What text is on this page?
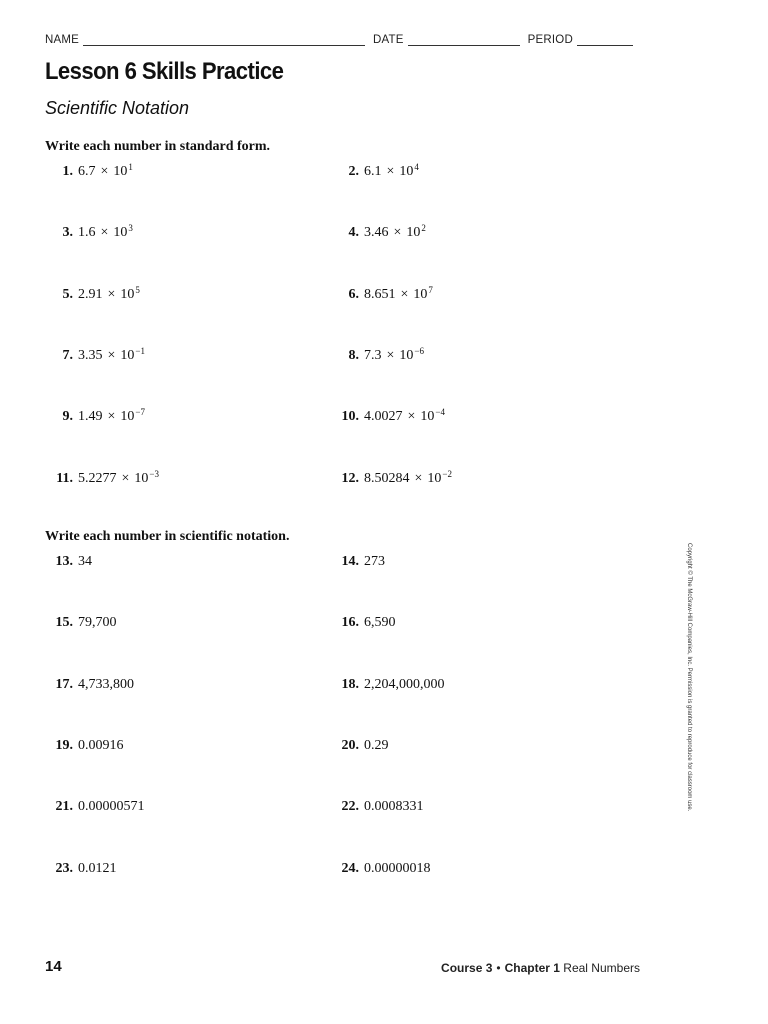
NAME	DATE	PERIOD
Lesson 6 Skills Practice
Scientific Notation
Write each number in standard form.
1 . 6.7 × 10 1	2 . 6.1 × 10 4
3 . 1.6 × 10 3	4 . 3.46 × 10 2
5 . 2.91 × 10 5	6 . 8.651 × 10 7
7 . 3.35 × 10 −1	8 . 7.3 × 10 −6
9 . 1.49 × 10 −7	10 . 4.0027 × 10 −4
11 . 5.2277 × 10 −3	12 . 8.50284 × 10 −2
Write each number in scientific notation.
13 . 34	14 . 273
15 . 79,700	16 . 6,590
17 . 4,733,800	18 . 2,204,000,000
19 . 0.00916	20 . 0.29
21 . 0.00000571	22 . 0.0008331
23 . 0.0121	24 . 0.00000018
Copyright © The McGraw-Hill Companies, Inc. Permission is granted to reproduce for classroom use.
14	Course 3 • Chapter 1 Real Numbers
